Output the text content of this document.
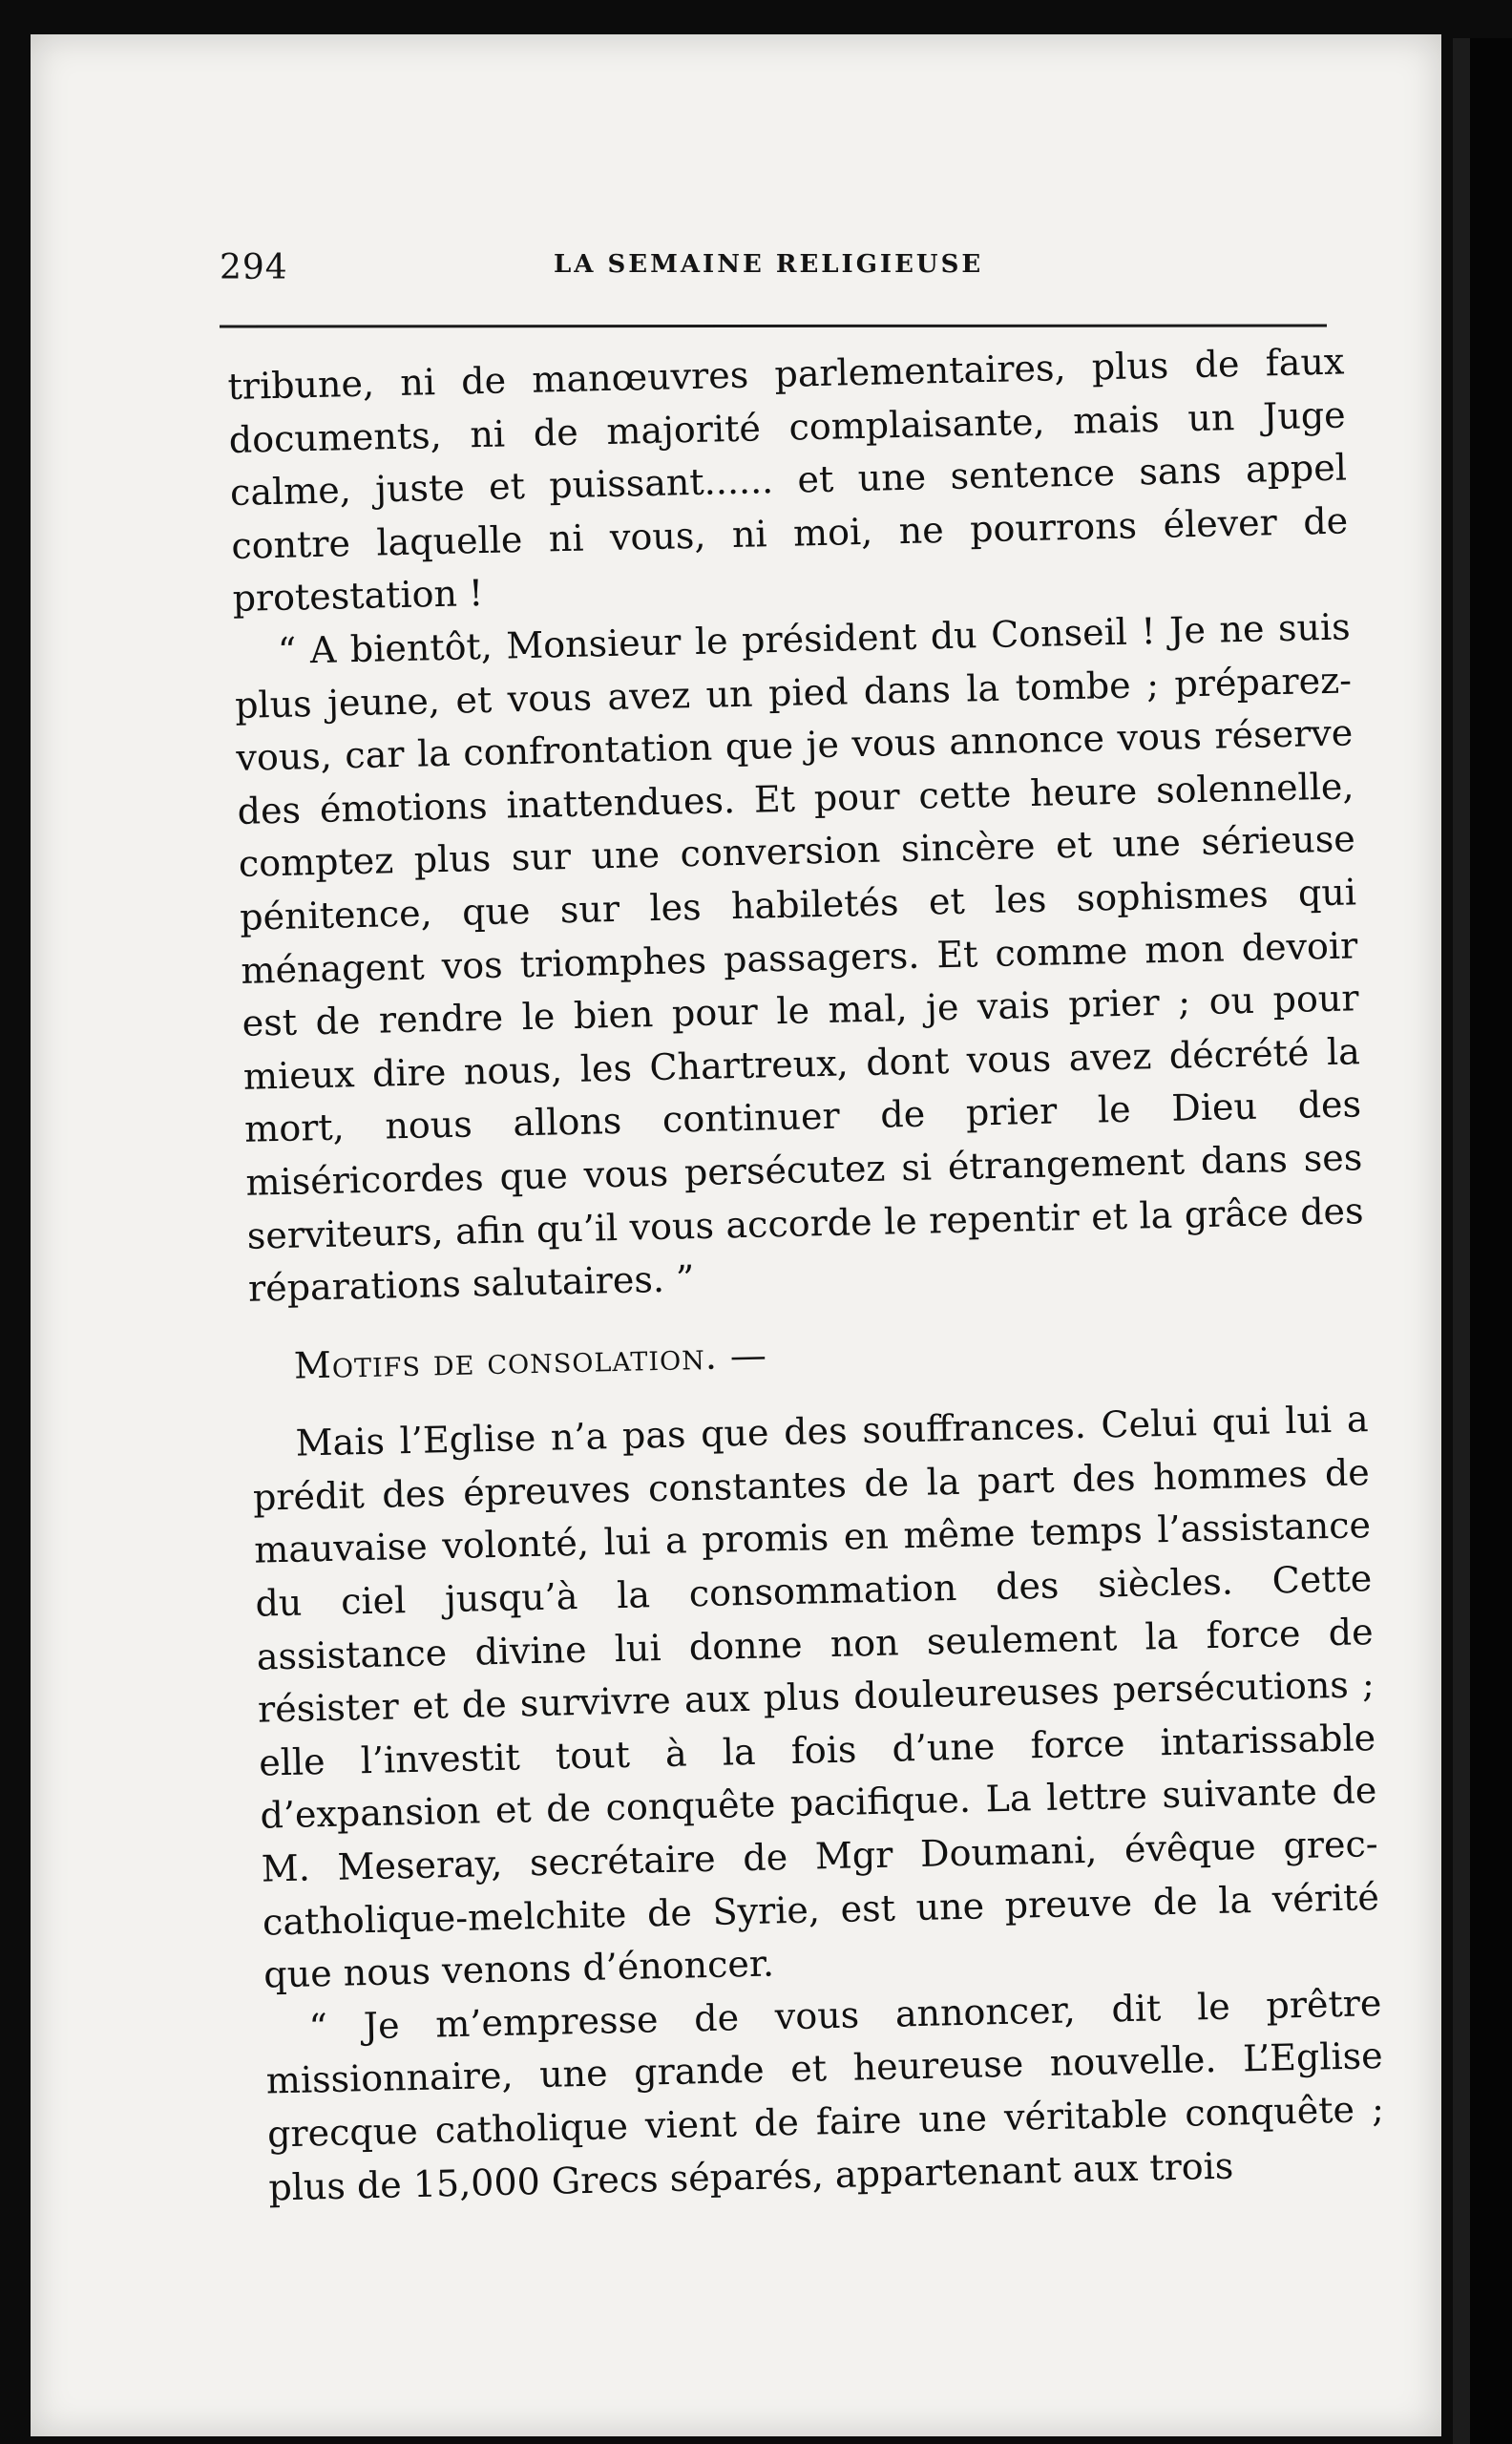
294	LA SEMAINE RELIGIEUSE

tribune, ni de manœuvres parlementaires, plus de faux documents, ni de majorité complaisante, mais un Juge calme, juste et puissant...... et une sentence sans appel contre laquelle ni vous, ni moi, ne pourrons élever de protestation !

“ A bientôt, Monsieur le président du Conseil ! Je ne suis plus jeune, et vous avez un pied dans la tombe ; préparez-vous, car la confrontation que je vous annonce vous réserve des émotions inattendues. Et pour cette heure solennelle, comptez plus sur une conversion sincère et une sérieuse pénitence, que sur les habiletés et les sophismes qui ménagent vos triomphes passagers. Et comme mon devoir est de rendre le bien pour le mal, je vais prier ; ou pour mieux dire nous, les Chartreux, dont vous avez décrété la mort, nous allons continuer de prier le Dieu des miséricordes que vous persécutez si étrangement dans ses serviteurs, afin qu’il vous accorde le repentir et la grâce des réparations salutaires. ”

Motifs de consolation. —

Mais l’Eglise n’a pas que des souffrances. Celui qui lui a prédit des épreuves constantes de la part des hommes de mauvaise volonté, lui a promis en même temps l’assistance du ciel jusqu’à la consommation des siècles. Cette assistance divine lui donne non seulement la force de résister et de survivre aux plus douleureuses persécutions ; elle l’investit tout à la fois d’une force intarissable d’expansion et de conquête pacifique. La lettre suivante de M. Meseray, secrétaire de Mgr Doumani, évêque grec-catholique-melchite de Syrie, est une preuve de la vérité que nous venons d’énoncer.

“ Je m’empresse de vous annoncer, dit le prêtre missionnaire, une grande et heureuse nouvelle. L’Eglise grecque catholique vient de faire une véritable conquête ; plus de 15,000 Grecs séparés, appartenant aux trois
